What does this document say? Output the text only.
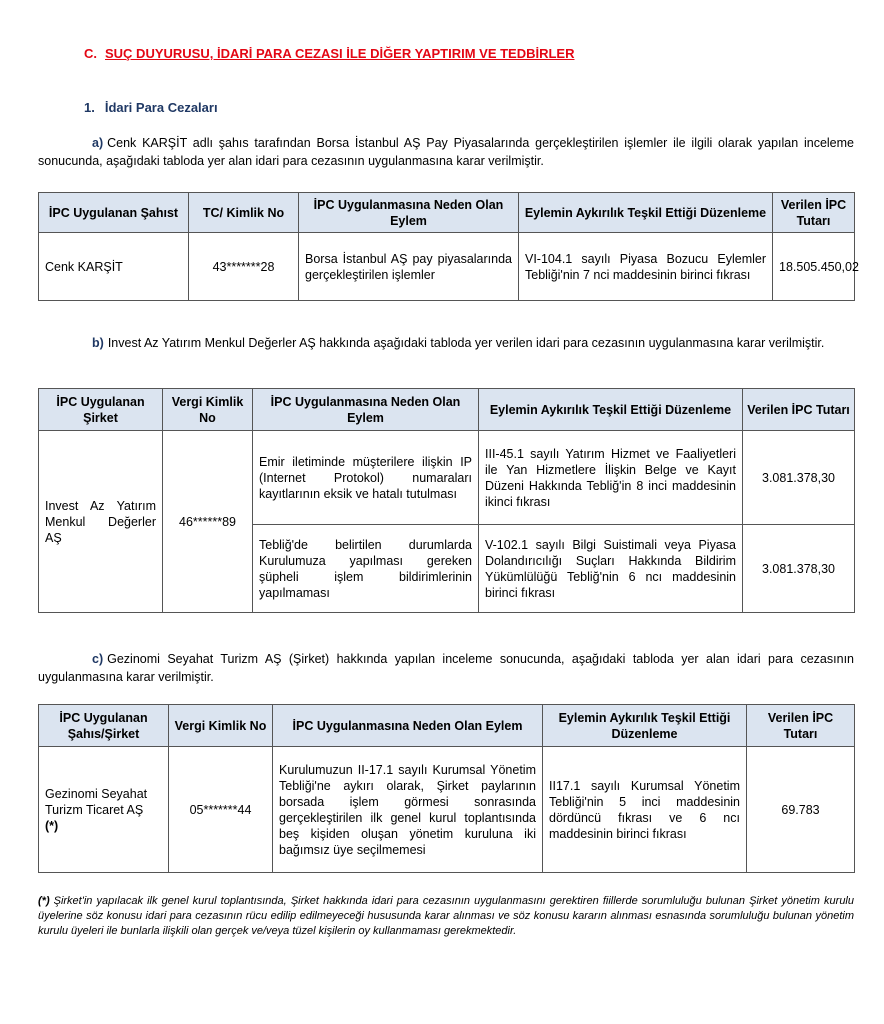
C. SUÇ DUYURUSU, İDARİ PARA CEZASI İLE DİĞER YAPTIRIM VE TEDBİRLER
1. İdari Para Cezaları
a) Cenk KARŞİT adlı şahıs tarafından Borsa İstanbul AŞ Pay Piyasalarında gerçekleştirilen işlemler ile ilgili olarak yapılan inceleme sonucunda, aşağıdaki tabloda yer alan idari para cezasının uygulanmasına karar verilmiştir.
İPC Uygulanan Şahıst	TC/ Kimlik No	İPC Uygulanmasına Neden Olan Eylem	Eylemin Aykırılık Teşkil Ettiği Düzenleme	Verilen İPC Tutarı
Cenk KARŞİT	43*******28	Borsa İstanbul AŞ pay piyasalarında gerçekleştirilen işlemler	VI-104.1 sayılı Piyasa Bozucu Eylemler Tebliği'nin 7 nci maddesinin birinci fıkrası	18.505.450,02
b) Invest Az Yatırım Menkul Değerler AŞ hakkında aşağıdaki tabloda yer verilen idari para cezasının uygulanmasına karar verilmiştir.
İPC Uygulanan Şirket	Vergi Kimlik No	İPC Uygulanmasına Neden Olan Eylem	Eylemin Aykırılık Teşkil Ettiği Düzenleme	Verilen İPC Tutarı
Invest Az Yatırım Menkul Değerler AŞ	46******89	Emir iletiminde müşterilere ilişkin IP (Internet Protokol) numaraları kayıtlarının eksik ve hatalı tutulması	III-45.1 sayılı Yatırım Hizmet ve Faaliyetleri ile Yan Hizmetlere İlişkin Belge ve Kayıt Düzeni Hakkında Tebliğ'in 8 inci maddesinin ikinci fıkrası	3.081.378,30
		Tebliğ'de belirtilen durumlarda Kurulumuza yapılması gereken şüpheli işlem bildirimlerinin yapılmaması	V-102.1 sayılı Bilgi Suistimali veya Piyasa Dolandırıcılığı Suçları Hakkında Bildirim Yükümlülüğü Tebliğ'nin 6 ncı maddesinin birinci fıkrası	3.081.378,30
c) Gezinomi Seyahat Turizm AŞ (Şirket) hakkında yapılan inceleme sonucunda, aşağıdaki tabloda yer alan idari para cezasının uygulanmasına karar verilmiştir.
İPC Uygulanan Şahıs/Şirket	Vergi Kimlik No	İPC Uygulanmasına Neden Olan Eylem	Eylemin Aykırılık Teşkil Ettiği Düzenleme	Verilen İPC Tutarı
Gezinomi Seyahat Turizm Ticaret AŞ
(*)	05*******44	Kurulumuzun II-17.1 sayılı Kurumsal Yönetim Tebliği'ne aykırı olarak, Şirket paylarının borsada işlem görmesi sonrasında gerçekleştirilen ilk genel kurul toplantısında beş kişiden oluşan yönetim kuruluna iki bağımsız üye seçilmemesi	II17.1 sayılı Kurumsal Yönetim Tebliği'nin 5 inci maddesinin dördüncü fıkrası ve 6 ncı maddesinin birinci fıkrası	69.783
(*) Şirket'in yapılacak ilk genel kurul toplantısında, Şirket hakkında idari para cezasının uygulanmasını gerektiren fiillerde sorumluluğu bulunan Şirket yönetim kurulu üyelerine söz konusu idari para cezasının rücu edilip edilmeyeceği hususunda karar alınması ve söz konusu kararın alınması esnasında sorumluluğu bulunan yönetim kurulu üyeleri ile bunlarla ilişkili olan gerçek ve/veya tüzel kişilerin oy kullanmaması gerekmektedir.
